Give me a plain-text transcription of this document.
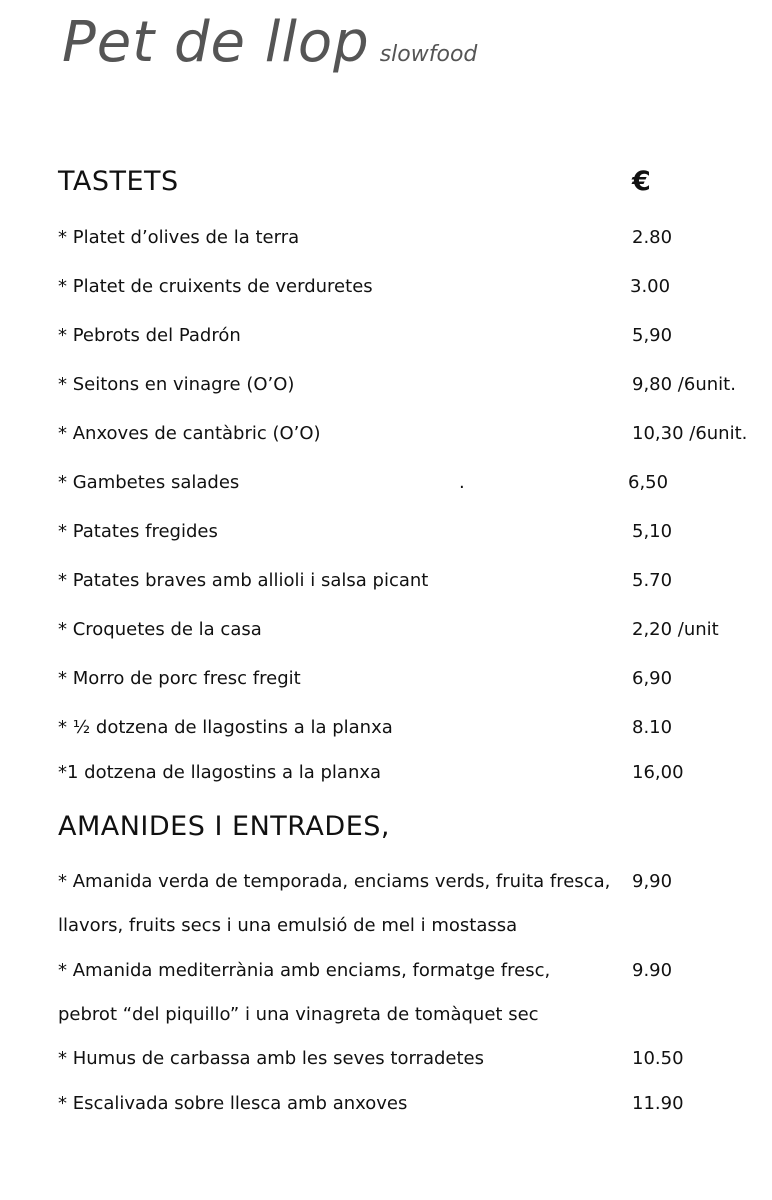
Pet de llop slowfood
TASTETS	€
* Platet d’olives de la terra	2.80
* Platet de cruixents de verduretes	3.00
* Pebrots del Padrón	5,90
* Seitons en vinagre (O’O)	9,80 /6unit.
* Anxoves de cantàbric (O’O)	10,30 /6unit.
* Gambetes salades	.	6,50
* Patates fregides	5,10
* Patates braves amb allioli i salsa picant	5.70
* Croquetes de la casa	2,20 /unit
* Morro de porc fresc fregit	6,90
* ½ dotzena de llagostins a la planxa	8.10
*1 dotzena de llagostins a la planxa	16,00
AMANIDES I ENTRADES,
* Amanida verda de temporada, enciams verds, fruita fresca, 9,90
llavors, fruits secs i una emulsió de mel i mostassa
* Amanida mediterrània amb enciams, formatge fresc,	9.90
pebrot “del piquillo” i una vinagreta de tomàquet sec
* Humus de carbassa amb les seves torradetes	10.50
* Escalivada sobre llesca amb anxoves	11.90
